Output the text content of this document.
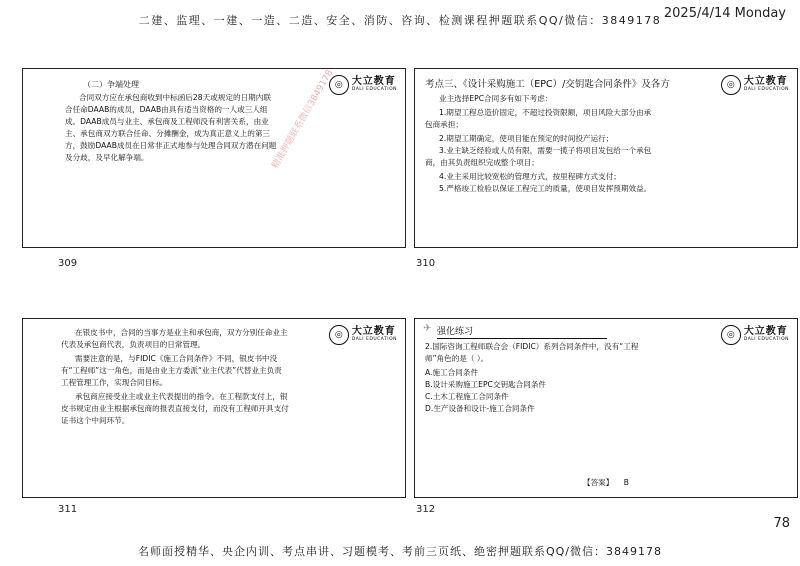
二建、监理、一建、一造、二造、安全、消防、咨询、检测课程押题联系QQ/微信：3849178 2025/4/14 Monday
◎ 大立教育
DALI EDUCATION

（二）争端处理

合同双方应在承包商收到中标函后28天或规定的日期内联合任命DAAB的成员，DAAB由具有适当资格的一人或三人组成。DAAB成员与业主、承包商及工程师没有利害关系，由业主、承包商双方联合任命、分摊酬金，成为真正意义上的第三方，鼓励DAAB成员在日常非正式地参与处理合同双方潜在问题及分歧，及早化解争端。	精准押题联系微信3849178
309
考点三、《设计采购施工（EPC）/交钥匙合同条件》及各方	◎ 大立教育
DALI EDUCATION

业主选择EPC合同多有如下考虑：

1.期望工程总造价固定，不超过投资限额，项目风险大部分由承包商承担；

2.期望工期确定，使项目能在预定的时间投产运行；

3.业主缺乏经验或人员有限，需要一揽子将项目发包给一个承包商，由其负责组织完成整个项目；

4.业主采用比较宽松的管理方式，按里程碑方式支付；

5.严格竣工检验以保证工程完工的质量，使项目发挥预期效益。

310
◎ 大立教育
DALI EDUCATION

在银皮书中，合同的当事方是业主和承包商，双方分别任命业主代表及承包商代表，负责项目的日常管理。

需要注意的是，与FIDIC《施工合同条件》不同，银皮书中没有“工程师”这一角色，而是由业主方委派“业主代表”代替业主负责工程管理工作，实现合同目标。

承包商应接受业主或业主代表提出的指令。在工程款支付上，银皮书规定由业主根据承包商的报表直接支付，而没有工程师开具支付证书这个中间环节。

311
✈ 强化练习	◎ 大立教育
DALI EDUCATION

2.国际咨询工程师联合会（FIDIC）系列合同条件中，没有“工程师”角色的是（ ）。

A.施工合同条件

B.设计采购施工EPC交钥匙合同条件

C.土木工程施工合同条件

D.生产设备和设计-施工合同条件

【答案】 B
312
78
名师面授精华、央企内训、考点串讲、习题模考、考前三页纸、绝密押题联系QQ/微信：3849178
